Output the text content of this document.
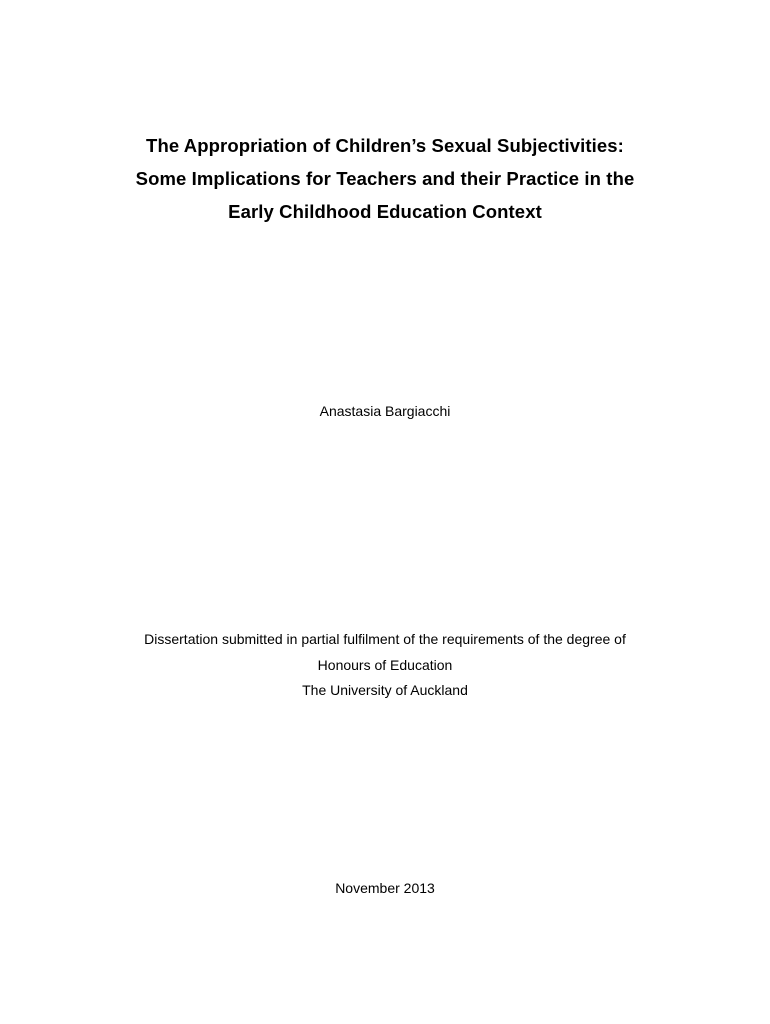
The Appropriation of Children’s Sexual Subjectivities:
Some Implications for Teachers and their Practice in the
Early Childhood Education Context
Anastasia Bargiacchi
Dissertation submitted in partial fulfilment of the requirements of the degree of
Honours of Education
The University of Auckland
November 2013
